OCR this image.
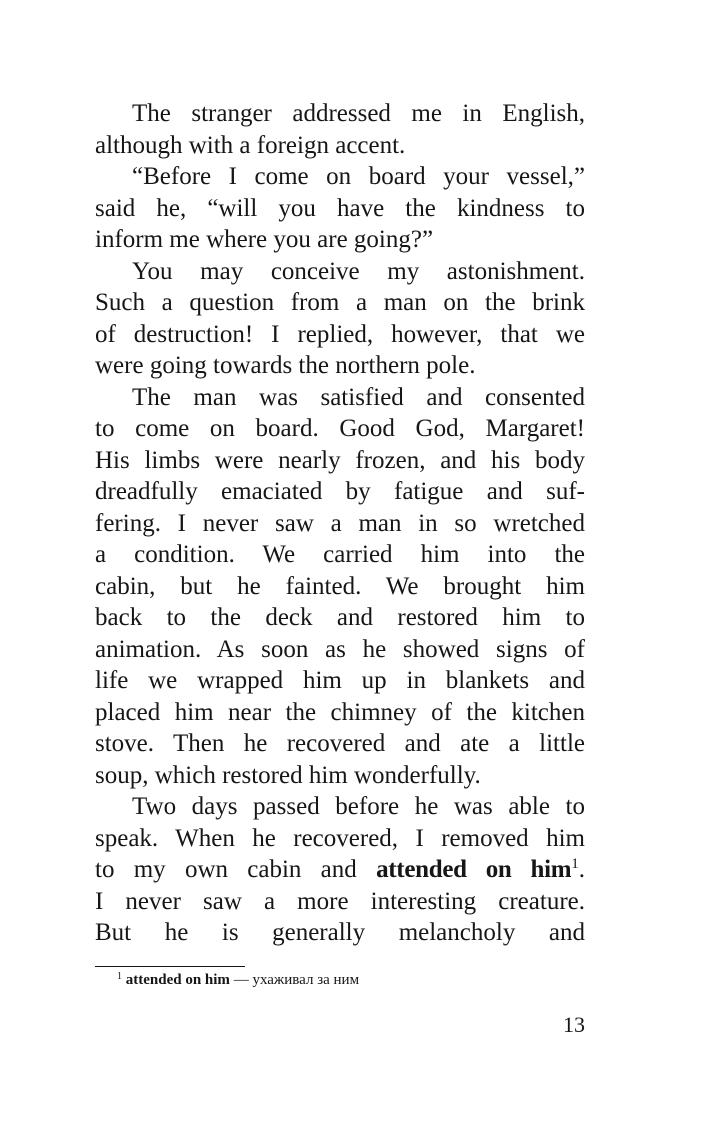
The stranger addressed me in English,
although with a foreign accent.
“Before I come on board your vessel,”
said he, “will you have the kindness to
inform me where you are going?”
You may conceive my astonishment.
Such a question from a man on the brink
of destruction! I replied, however, that we
were going towards the northern pole.
The man was satisfied and consented
to come on board. Good God, Margaret!
His limbs were nearly frozen, and his body
dreadfully emaciated by fatigue and suf-
fering. I never saw a man in so wretched
a condition. We carried him into the
cabin, but he fainted. We brought him
back to the deck and restored him to
animation. As soon as he showed signs of
life we wrapped him up in blankets and
placed him near the chimney of the kitchen
stove. Then he recovered and ate a little
soup, which restored him wonderfully.
Two days passed before he was able to
speak. When he recovered, I removed him
to my own cabin and attended on him$^1$.
I never saw a more interesting creature.
But he is generally melancholy and
$^1$ attended on him — ухаживал за ним
13
